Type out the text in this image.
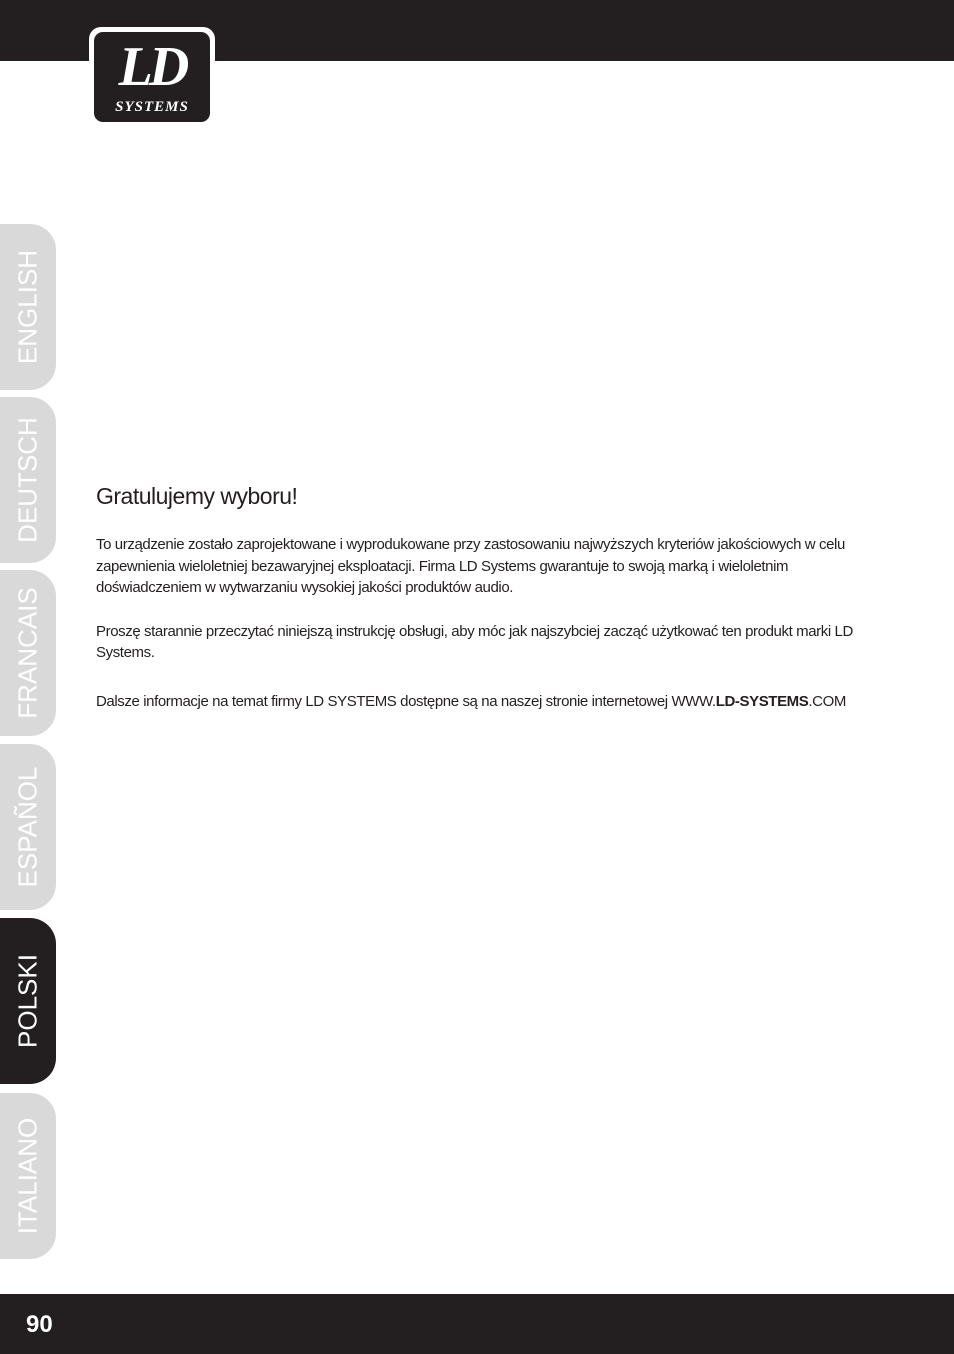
LD
SYSTEMS
ENGLISH
DEUTSCH
FRANCAIS
ESPAÑOL
POLSKI
ITALIANO
Gratulujemy wyboru!

To urządzenie zostało zaprojektowane i wyprodukowane przy zastosowaniu najwyższych kryteriów jakościowych w celu zapewnienia wieloletniej bezawaryjnej eksploatacji. Firma LD Systems gwarantuje to swoją marką i wieloletnim doświadczeniem w wytwarzaniu wysokiej jakości produktów audio.

Proszę starannie przeczytać niniejszą instrukcję obsługi, aby móc jak najszybciej zacząć użytkować ten produkt marki LD Systems.

Dalsze informacje na temat firmy LD SYSTEMS dostępne są na naszej stronie internetowej WWW.LD-SYSTEMS.COM

90
